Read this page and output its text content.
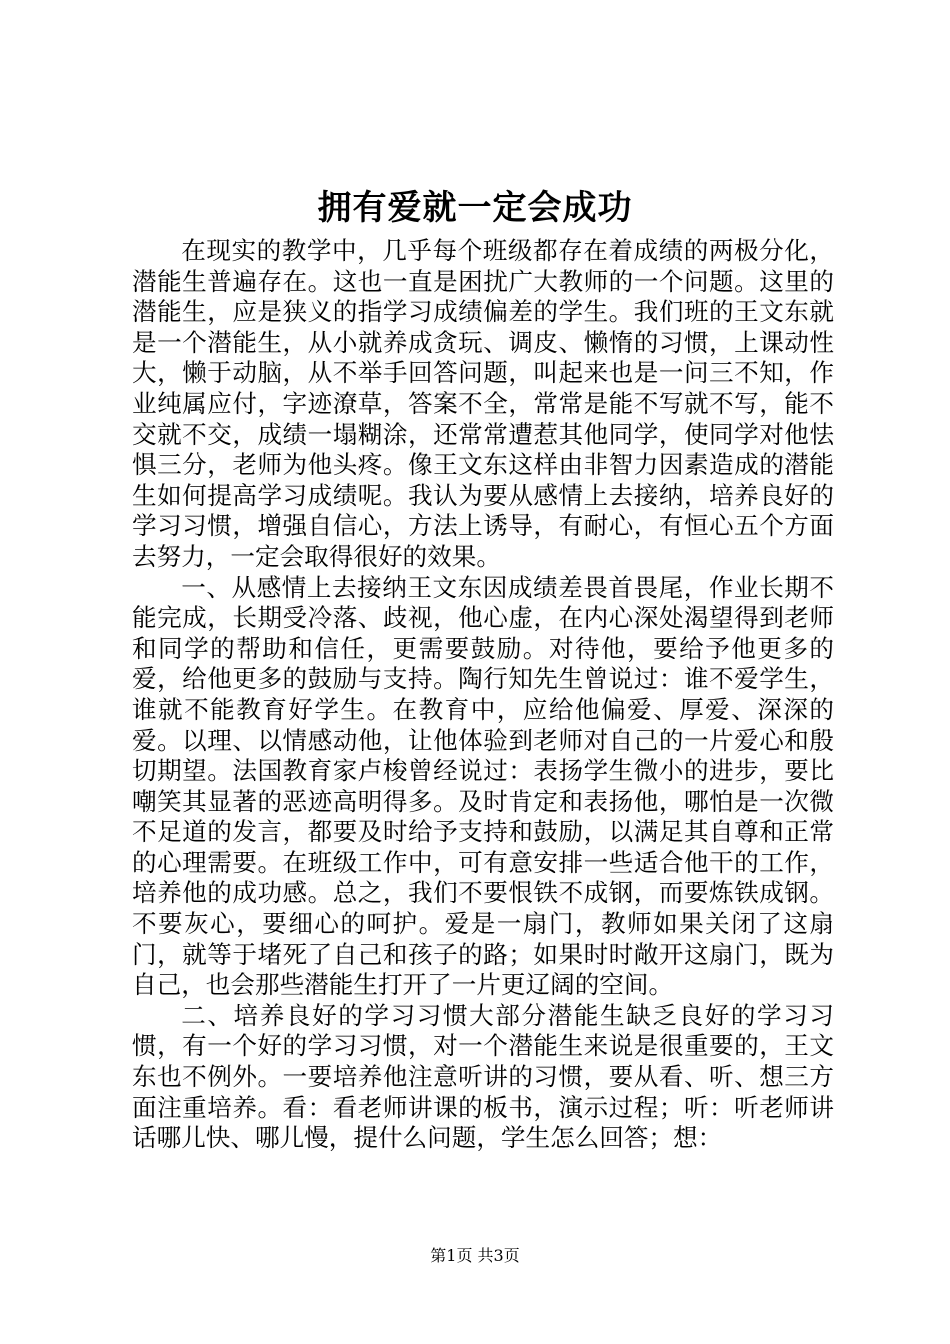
拥有爱就一定会成功

在现实的教学中，几乎每个班级都存在着成绩的两极分化，潜能生普遍存在。这也一直是困扰广大教师的一个问题。这里的潜能生，应是狭义的指学习成绩偏差的学生。我们班的王文东就是一个潜能生，从小就养成贪玩、调皮、懒惰的习惯，上课动性大，懒于动脑，从不举手回答问题，叫起来也是一问三不知，作业纯属应付，字迹潦草，答案不全，常常是能不写就不写，能不交就不交，成绩一塌糊涂，还常常遭惹其他同学，使同学对他怯惧三分，老师为他头疼。像王文东这样由非智力因素造成的潜能生如何提高学习成绩呢。我认为要从感情上去接纳，培养良好的学习习惯，增强自信心，方法上诱导，有耐心，有恒心五个方面去努力，一定会取得很好的效果。

一、从感情上去接纳王文东因成绩差畏首畏尾，作业长期不能完成，长期受冷落、歧视，他心虚，在内心深处渴望得到老师和同学的帮助和信任，更需要鼓励。对待他，要给予他更多的爱，给他更多的鼓励与支持。陶行知先生曾说过：谁不爱学生，谁就不能教育好学生。在教育中，应给他偏爱、厚爱、深深的爱。以理、以情感动他，让他体验到老师对自己的一片爱心和殷切期望。法国教育家卢梭曾经说过：表扬学生微小的进步，要比嘲笑其显著的恶迹高明得多。及时肯定和表扬他，哪怕是一次微不足道的发言，都要及时给予支持和鼓励，以满足其自尊和正常的心理需要。在班级工作中，可有意安排一些适合他干的工作，培养他的成功感。总之，我们不要恨铁不成钢，而要炼铁成钢。不要灰心，要细心的呵护。爱是一扇门，教师如果关闭了这扇门，就等于堵死了自己和孩子的路；如果时时敞开这扇门，既为自己，也会那些潜能生打开了一片更辽阔的空间。

二、培养良好的学习习惯大部分潜能生缺乏良好的学习习惯，有一个好的学习习惯，对一个潜能生来说是很重要的，王文东也不例外。一要培养他注意听讲的习惯，要从看、听、想三方面注重培养。看：看老师讲课的板书，演示过程；听：听老师讲话哪儿快、哪儿慢，提什么问题，学生怎么回答；想：

第1页 共3页
